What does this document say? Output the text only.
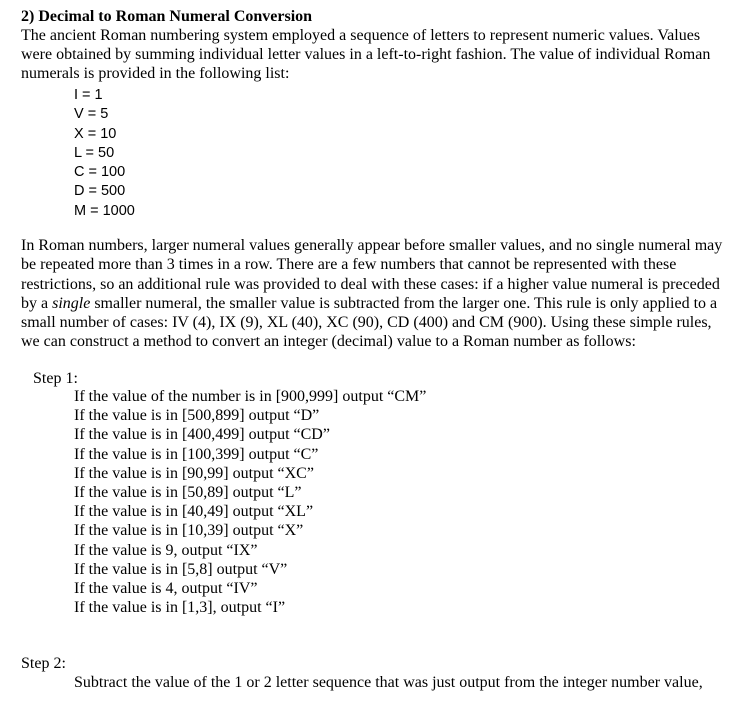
2) Decimal to Roman Numeral Conversion
The ancient Roman numbering system employed a sequence of letters to represent numeric values. Values
were obtained by summing individual letter values in a left-to-right fashion. The value of individual Roman
numerals is provided in the following list:
I = 1
V = 5
X = 10
L = 50
C = 100
D = 500
M = 1000
In Roman numbers, larger numeral values generally appear before smaller values, and no single numeral may
be repeated more than 3 times in a row. There are a few numbers that cannot be represented with these
restrictions, so an additional rule was provided to deal with these cases: if a higher value numeral is preceded
by a single smaller numeral, the smaller value is subtracted from the larger one. This rule is only applied to a
small number of cases: IV (4), IX (9), XL (40), XC (90), CD (400) and CM (900). Using these simple rules,
we can construct a method to convert an integer (decimal) value to a Roman number as follows:
Step 1:
If the value of the number is in [900,999] output “CM”
If the value is in [500,899] output “D”
If the value is in [400,499] output “CD”
If the value is in [100,399] output “C”
If the value is in [90,99] output “XC”
If the value is in [50,89] output “L”
If the value is in [40,49] output “XL”
If the value is in [10,39] output “X”
If the value is 9, output “IX”
If the value is in [5,8] output “V”
If the value is 4, output “IV”
If the value is in [1,3], output “I”
Step 2:
Subtract the value of the 1 or 2 letter sequence that was just output from the integer number value,
